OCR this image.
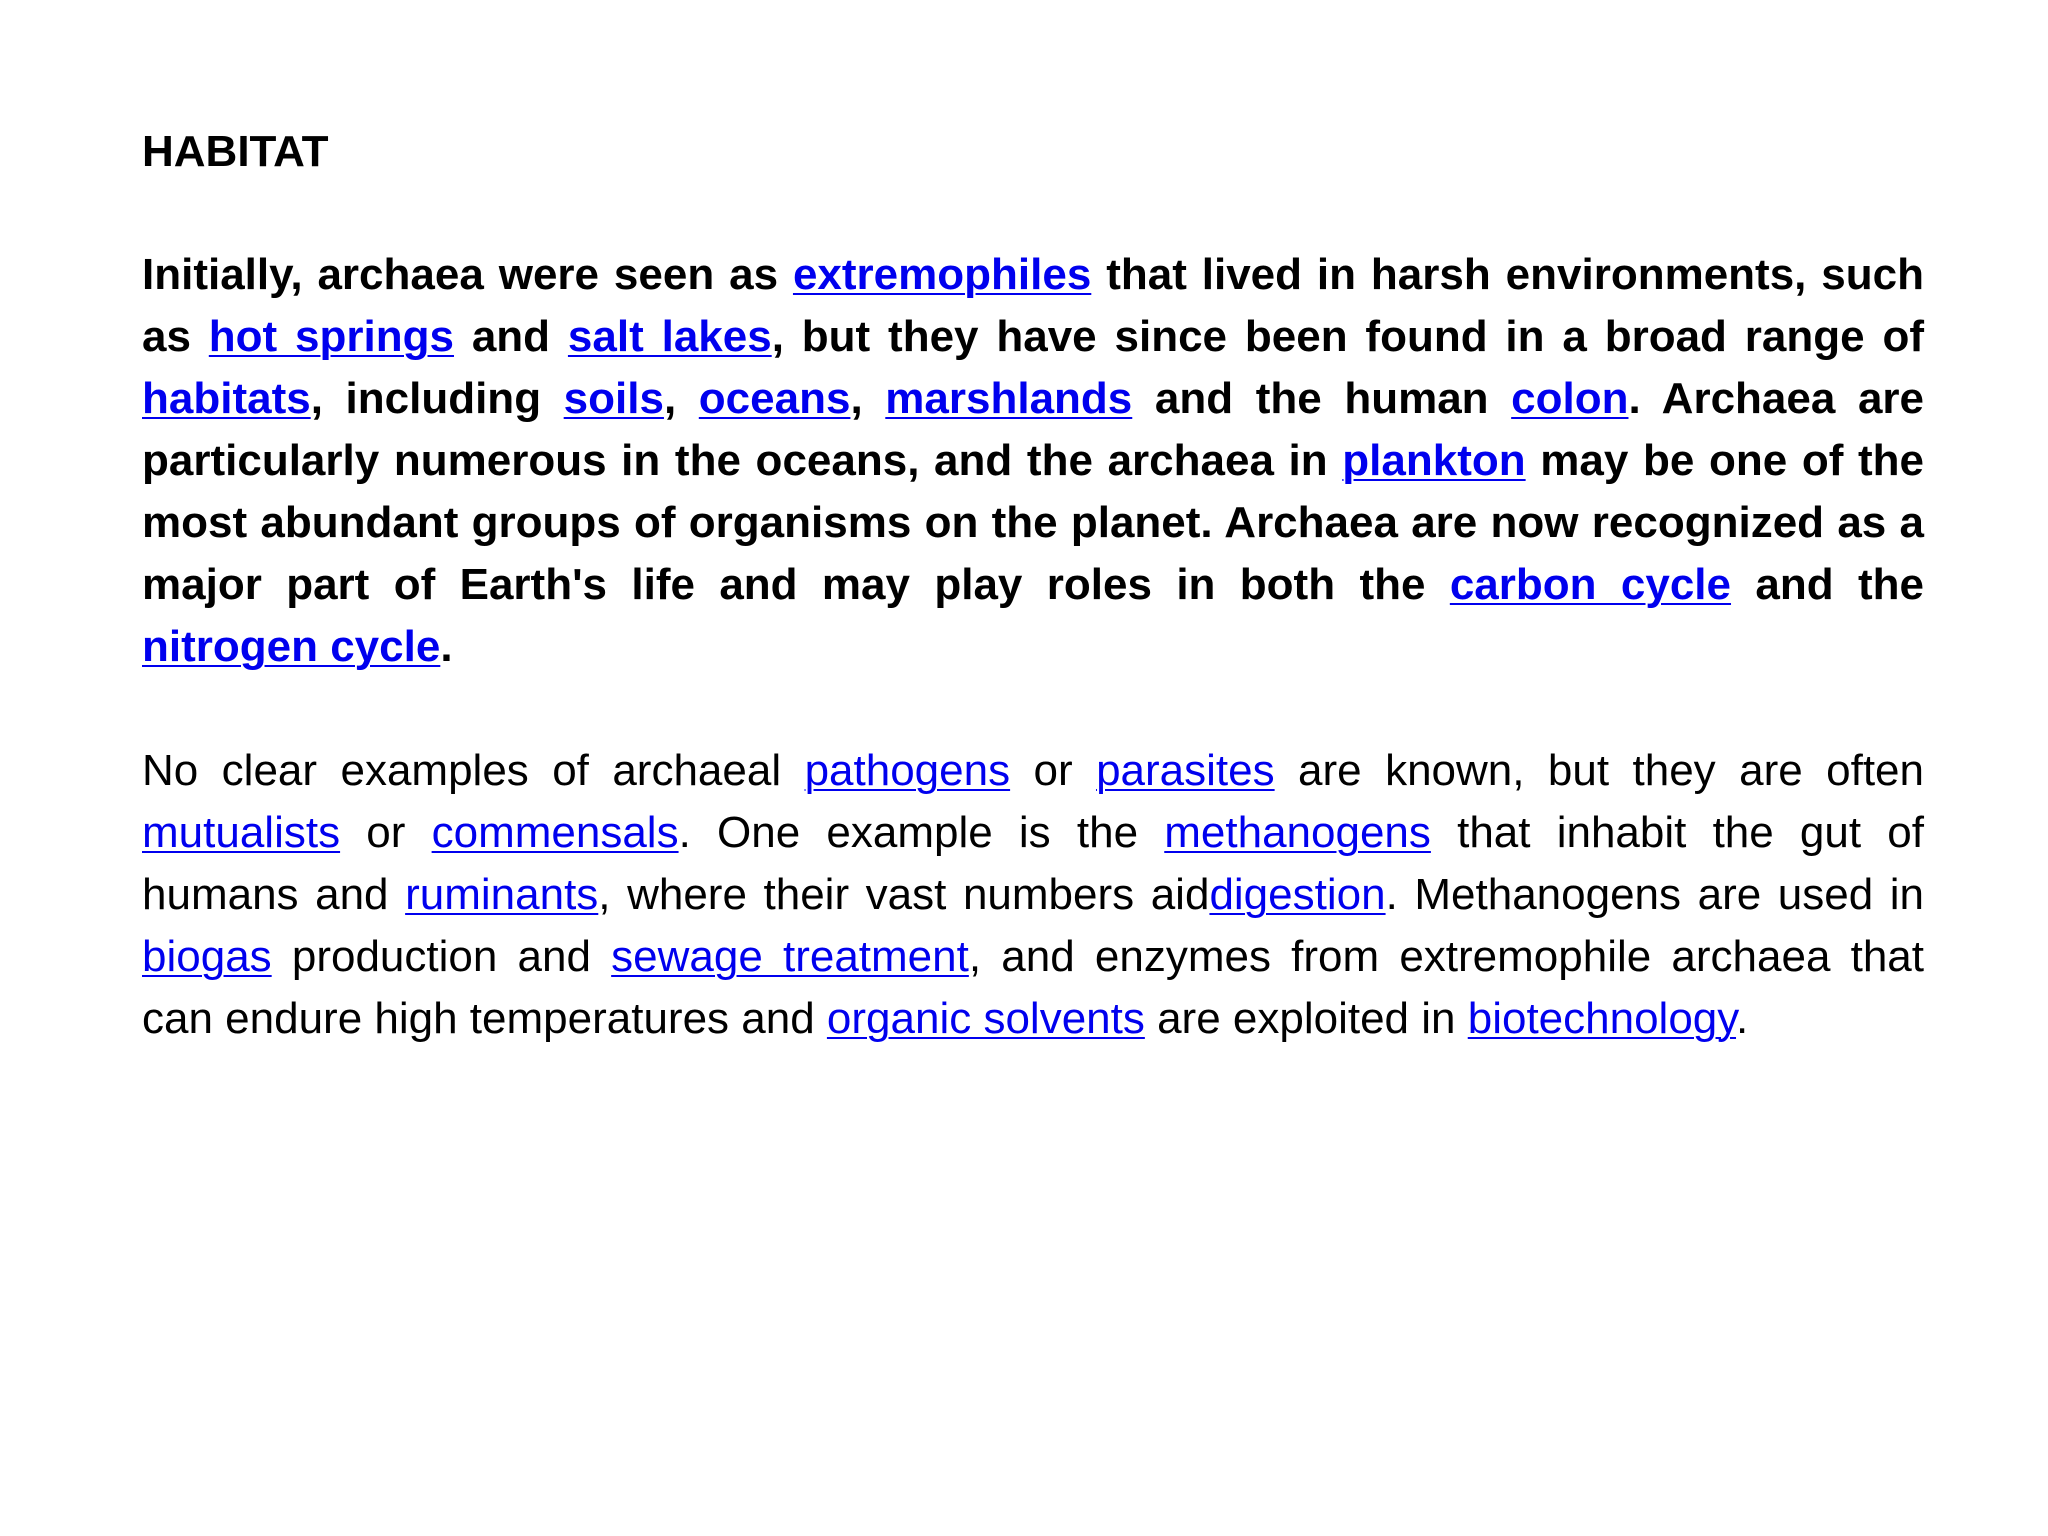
HABITAT

Initially, archaea were seen as extremophiles that lived in harsh environments, such as hot springs and salt lakes, but they have since been found in a broad range of habitats, including soils, oceans, marshlands and the human colon. Archaea are particularly numerous in the oceans, and the archaea in plankton may be one of the most abundant groups of organisms on the planet. Archaea are now recognized as a major part of Earth's life and may play roles in both the carbon cycle and the nitrogen cycle.

No clear examples of archaeal pathogens or parasites are known, but they are often mutualists or commensals. One example is the methanogens that inhabit the gut of humans and ruminants, where their vast numbers aiddigestion. Methanogens are used in biogas production and sewage treatment, and enzymes from extremophile archaea that can endure high temperatures and organic solvents are exploited in biotechnology.
